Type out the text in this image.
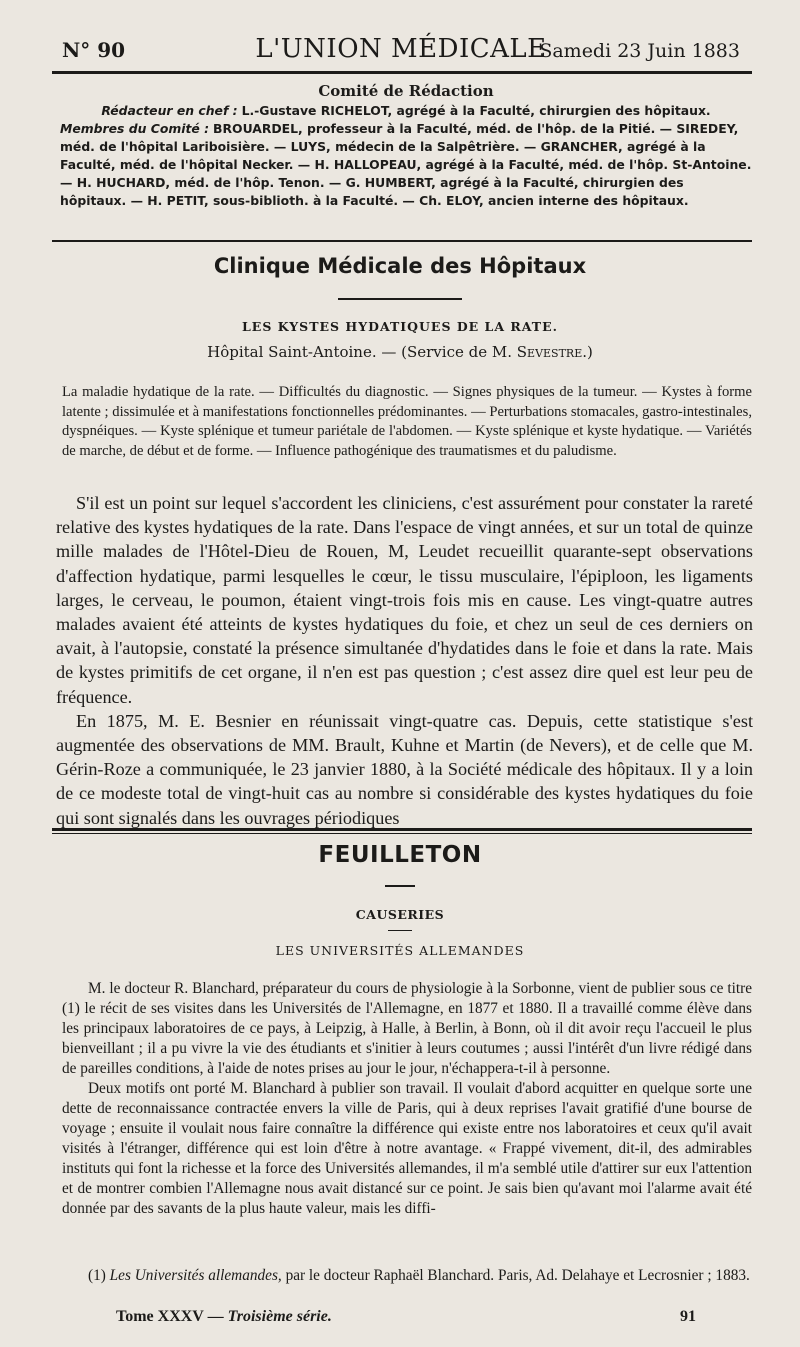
N° 90	L'UNION MÉDICALE
Samedi 23 Juin 1883
Comité de Rédaction
Rédacteur en chef : L.-Gustave RICHELOT, agrégé à la Faculté, chirurgien des hôpitaux.

Membres du Comité : BROUARDEL, professeur à la Faculté, méd. de l'hôp. de la Pitié. — SIREDEY, méd. de l'hôpital Lariboisière. — LUYS, médecin de la Salpêtrière. — GRANCHER, agrégé à la Faculté, méd. de l'hôpital Necker. — H. HALLOPEAU, agrégé à la Faculté, méd. de l'hôp. St-Antoine. — H. HUCHARD, méd. de l'hôp. Tenon. — G. HUMBERT, agrégé à la Faculté, chirurgien des hôpitaux. — H. PETIT, sous-biblioth. à la Faculté. — Ch. ELOY, ancien interne des hôpitaux.

Clinique Médicale des Hôpitaux
LES KYSTES HYDATIQUES DE LA RATE.
Hôpital Saint-Antoine. — (Service de M. Sevestre.)

La maladie hydatique de la rate. — Difficultés du diagnostic. — Signes physiques de la tumeur. — Kystes à forme latente ; dissimulée et à manifestations fonctionnelles prédominantes. — Perturbations stomacales, gastro-intestinales, dyspnéiques. — Kyste splénique et tumeur pariétale de l'abdomen. — Kyste splénique et kyste hydatique. — Variétés de marche, de début et de forme. — Influence pathogénique des traumatismes et du paludisme.

S'il est un point sur lequel s'accordent les cliniciens, c'est assurément pour constater la rareté relative des kystes hydatiques de la rate. Dans l'espace de vingt années, et sur un total de quinze mille malades de l'Hôtel-Dieu de Rouen, M, Leudet recueillit quarante-sept observations d'affection hydatique, parmi lesquelles le cœur, le tissu musculaire, l'épiploon, les ligaments larges, le cerveau, le poumon, étaient vingt-trois fois mis en cause. Les vingt-quatre autres malades avaient été atteints de kystes hydatiques du foie, et chez un seul de ces derniers on avait, à l'autopsie, constaté la présence simultanée d'hydatides dans le foie et dans la rate. Mais de kystes primitifs de cet organe, il n'en est pas question ; c'est assez dire quel est leur peu de fréquence.

En 1875, M. E. Besnier en réunissait vingt-quatre cas. Depuis, cette statistique s'est augmentée des observations de MM. Brault, Kuhne et Martin (de Nevers), et de celle que M. Gérin-Roze a communiquée, le 23 janvier 1880, à la Société médicale des hôpitaux. Il y a loin de ce modeste total de vingt-huit cas au nombre si considérable des kystes hydatiques du foie qui sont signalés dans les ouvrages périodiques

FEUILLETON
CAUSERIES
LES UNIVERSITÉS ALLEMANDES

M. le docteur R. Blanchard, préparateur du cours de physiologie à la Sorbonne, vient de publier sous ce titre (1) le récit de ses visites dans les Universités de l'Allemagne, en 1877 et 1880. Il a travaillé comme élève dans les principaux laboratoires de ce pays, à Leipzig, à Halle, à Berlin, à Bonn, où il dit avoir reçu l'accueil le plus bienveillant ; il a pu vivre la vie des étudiants et s'initier à leurs coutumes ; aussi l'intérêt d'un livre rédigé dans de pareilles conditions, à l'aide de notes prises au jour le jour, n'échappera-t-il à personne.

Deux motifs ont porté M. Blanchard à publier son travail. Il voulait d'abord acquitter en quelque sorte une dette de reconnaissance contractée envers la ville de Paris, qui à deux reprises l'avait gratifié d'une bourse de voyage ; ensuite il voulait nous faire connaître la différence qui existe entre nos laboratoires et ceux qu'il avait visités à l'étranger, différence qui est loin d'être à notre avantage. « Frappé vivement, dit-il, des admirables instituts qui font la richesse et la force des Universités allemandes, il m'a semblé utile d'attirer sur eux l'attention et de montrer combien l'Allemagne nous avait distancé sur ce point. Je sais bien qu'avant moi l'alarme avait été donnée par des savants de la plus haute valeur, mais les diffi-

(1) Les Universités allemandes, par le docteur Raphaël Blanchard. Paris, Ad. Delahaye et Lecrosnier ; 1883.
Tome XXXV — Troisième série.	91
